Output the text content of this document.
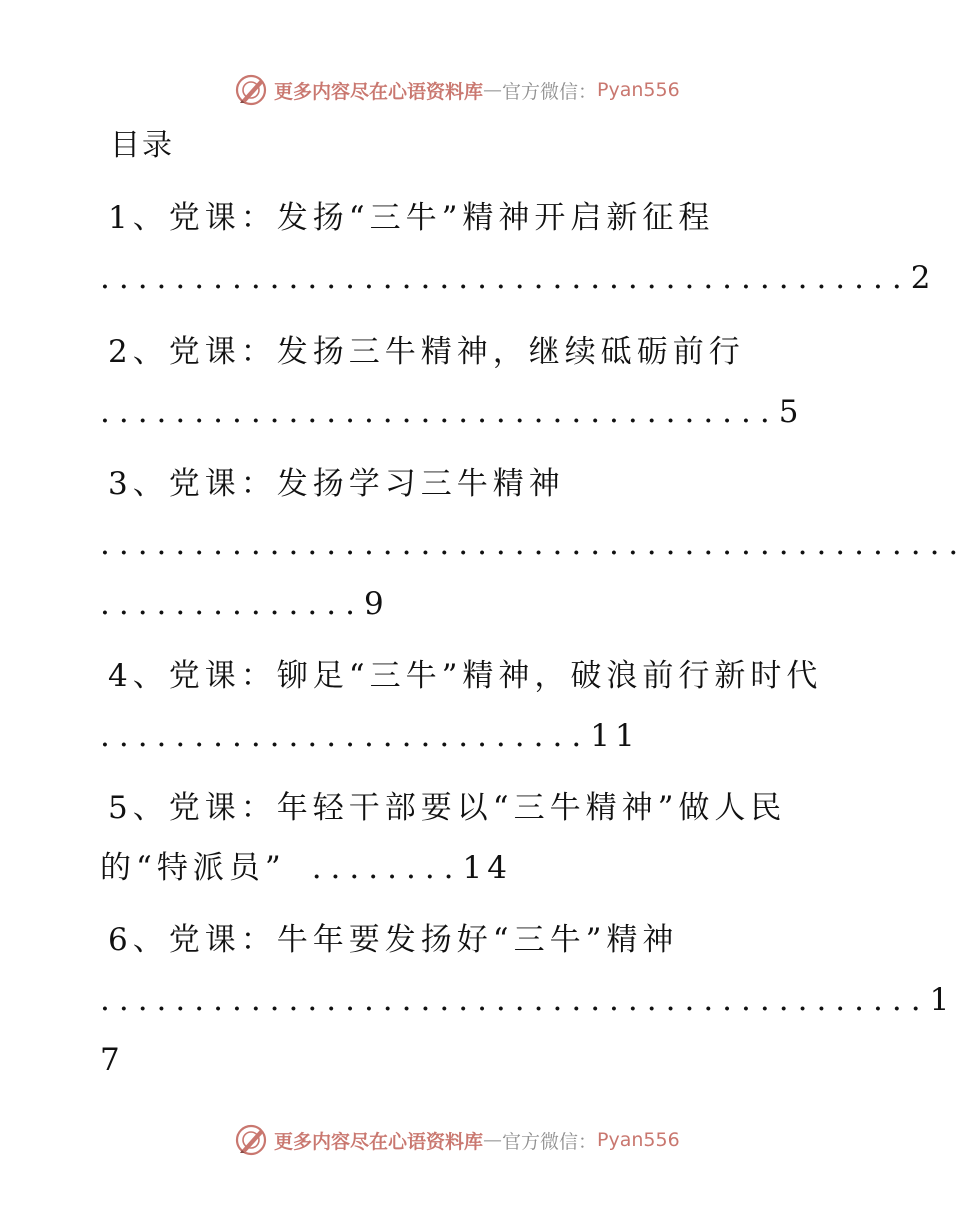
更多内容尽在心语资料库 — 官方微信： Pyan556
目录
1、党课：发扬“三牛”精神开启新征程
...........................................2
2、党课：发扬三牛精神，继续砥砺前行
....................................5
3、党课：发扬学习三牛精神
..............................................
..............9
4、党课：铆足“三牛”精神，破浪前行新时代
..........................11
5、党课：年轻干部要以“三牛精神”做人民
的“特派员” ........14
6、党课：牛年要发扬好“三牛”精神
............................................1
7
更多内容尽在心语资料库 — 官方微信： Pyan556
